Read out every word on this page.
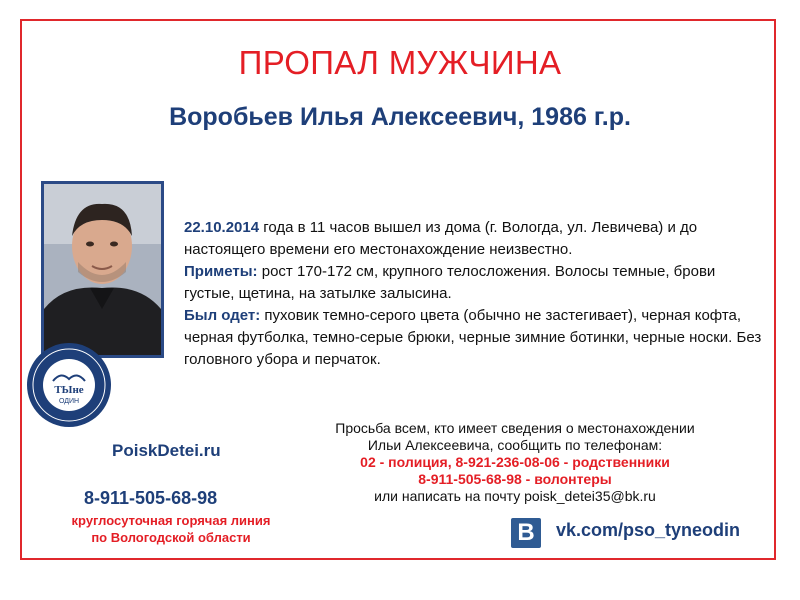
ПРОПАЛ МУЖЧИНА
Воробьев Илья Алексеевич, 1986 г.р.
ТЫне
ОДИН

22.10.2014 года в 11 часов вышел из дома (г. Вологда, ул. Левичева) и до настоящего времени его местонахождение неизвестно.

Приметы: рост 170-172 см, крупного телосложения. Волосы темные, брови густые, щетина, на затылке залысина.

Был одет: пуховик темно-серого цвета (обычно не застегивает), черная кофта, черная футболка, темно-серые брюки, черные зимние ботинки, черные носки. Без головного убора и перчаток.

PoiskDetei.ru
8-911-505-68-98
круглосуточная горячая линия
по Вологодской области
Просьба всем, кто имеет сведения о местонахождении
Ильи Алексеевича, сообщить по телефонам:
02 - полиция, 8-921-236-08-06 - родственники
8-911-505-68-98 - волонтеры
или написать на почту poisk_detei35@bk.ru
B	vk.com/pso_tyneodin
